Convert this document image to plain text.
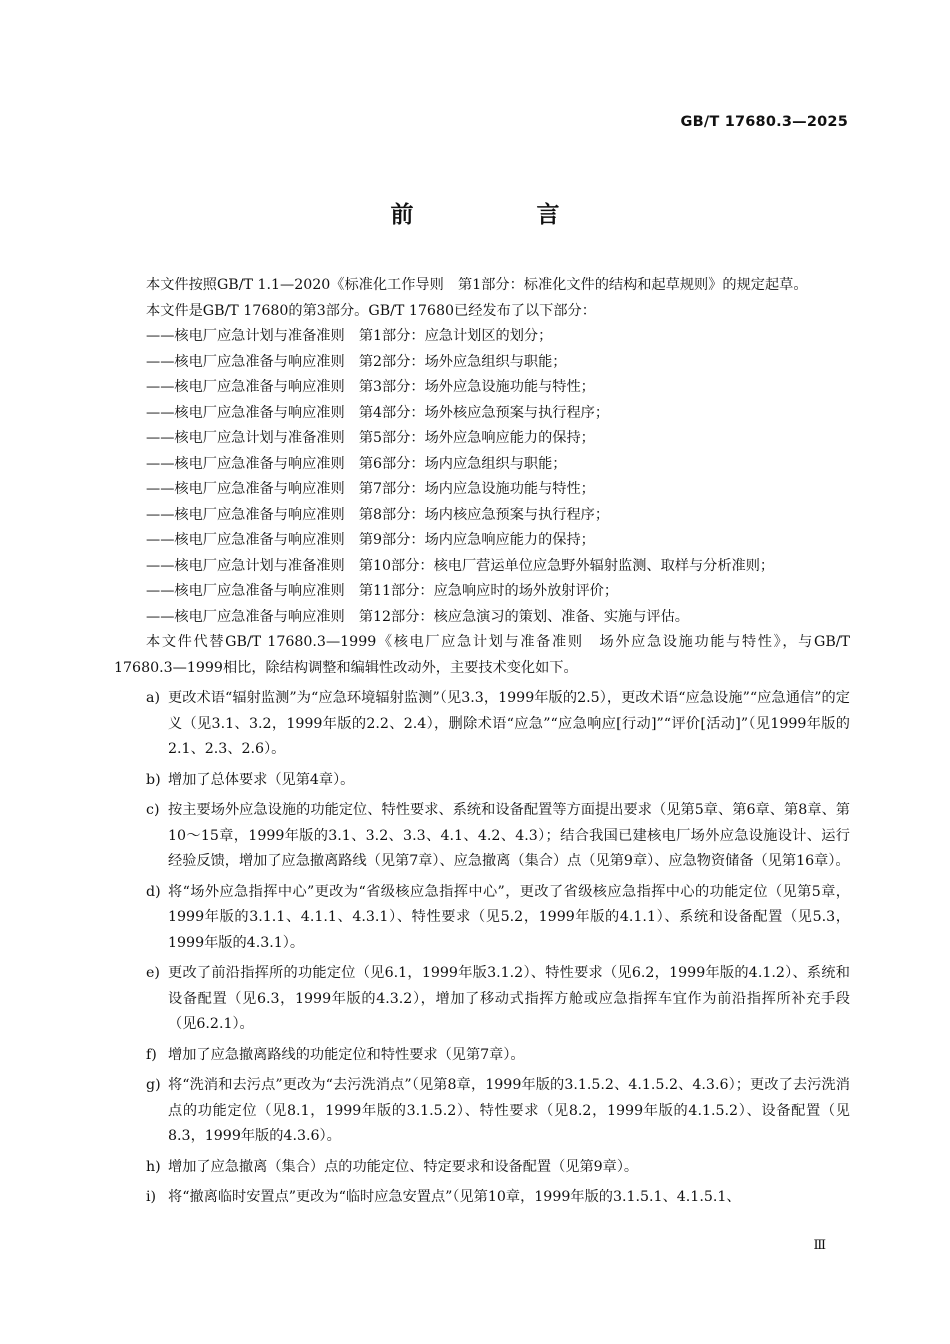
GB/T 17680.3—2025
前　言

本文件按照GB/T 1.1—2020《标准化工作导则　第1部分：标准化文件的结构和起草规则》的规定起草。

本文件是GB/T 17680的第3部分。GB/T 17680已经发布了以下部分：

——核电厂应急计划与准备准则　第1部分：应急计划区的划分；

——核电厂应急准备与响应准则　第2部分：场外应急组织与职能；

——核电厂应急准备与响应准则　第3部分：场外应急设施功能与特性；

——核电厂应急准备与响应准则　第4部分：场外核应急预案与执行程序；

——核电厂应急计划与准备准则　第5部分：场外应急响应能力的保持；

——核电厂应急准备与响应准则　第6部分：场内应急组织与职能；

——核电厂应急准备与响应准则　第7部分：场内应急设施功能与特性；

——核电厂应急准备与响应准则　第8部分：场内核应急预案与执行程序；

——核电厂应急准备与响应准则　第9部分：场内应急响应能力的保持；

——核电厂应急计划与准备准则　第10部分：核电厂营运单位应急野外辐射监测、取样与分析准则；

——核电厂应急准备与响应准则　第11部分：应急响应时的场外放射评价；

——核电厂应急准备与响应准则　第12部分：核应急演习的策划、准备、实施与评估。

本文件代替GB/T 17680.3—1999《核电厂应急计划与准备准则　场外应急设施功能与特性》，与GB/T 17680.3—1999相比，除结构调整和编辑性改动外，主要技术变化如下。

a) 更改术语“辐射监测”为“应急环境辐射监测”（见3.3，1999年版的2.5），更改术语“应急设施”“应急通信”的定义（见3.1、3.2，1999年版的2.2、2.4），删除术语“应急”“应急响应[行动]”“评价[活动]”（见1999年版的2.1、2.3、2.6）。
b) 增加了总体要求（见第4章）。
c) 按主要场外应急设施的功能定位、特性要求、系统和设备配置等方面提出要求（见第5章、第6章、第8章、第10～15章，1999年版的3.1、3.2、3.3、4.1、4.2、4.3）；结合我国已建核电厂场外应急设施设计、运行经验反馈，增加了应急撤离路线（见第7章）、应急撤离（集合）点（见第9章）、应急物资储备（见第16章）。
d) 将“场外应急指挥中心”更改为“省级核应急指挥中心”，更改了省级核应急指挥中心的功能定位（见第5章，1999年版的3.1.1、4.1.1、4.3.1）、特性要求（见5.2，1999年版的4.1.1）、系统和设备配置（见5.3，1999年版的4.3.1）。
e) 更改了前沿指挥所的功能定位（见6.1，1999年版3.1.2）、特性要求（见6.2，1999年版的4.1.2）、系统和设备配置（见6.3，1999年版的4.3.2），增加了移动式指挥方舱或应急指挥车宜作为前沿指挥所补充手段（见6.2.1）。
f) 增加了应急撤离路线的功能定位和特性要求（见第7章）。
g) 将“洗消和去污点”更改为“去污洗消点”（见第8章，1999年版的3.1.5.2、4.1.5.2、4.3.6）；更改了去污洗消点的功能定位（见8.1，1999年版的3.1.5.2）、特性要求（见8.2，1999年版的4.1.5.2）、设备配置（见8.3，1999年版的4.3.6）。
h) 增加了应急撤离（集合）点的功能定位、特定要求和设备配置（见第9章）。
i) 将“撤离临时安置点”更改为“临时应急安置点”（见第10章，1999年版的3.1.5.1、4.1.5.1、
Ⅲ
